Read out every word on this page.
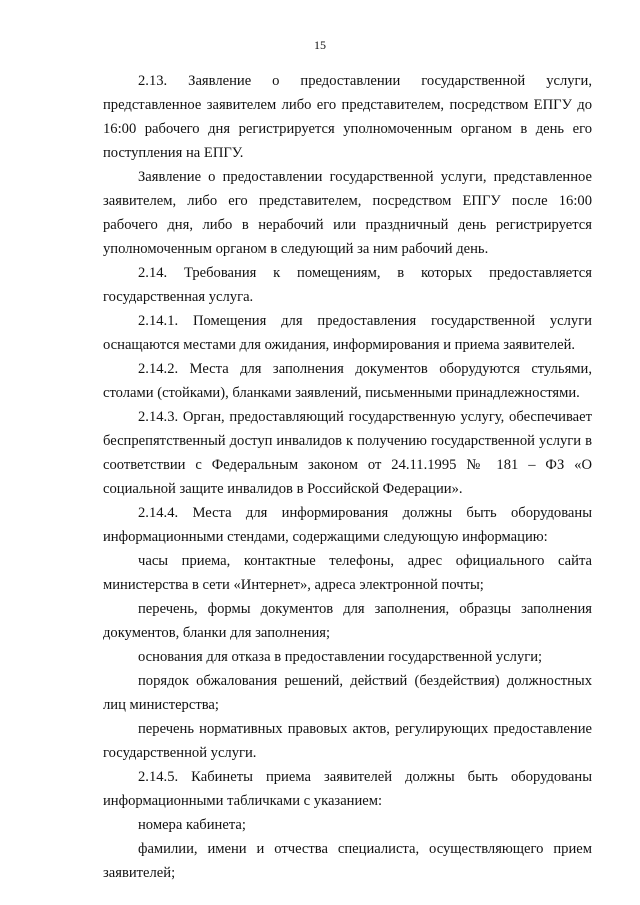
15

2.13. Заявление о предоставлении государственной услуги, представленное заявителем либо его представителем, посредством ЕПГУ до 16:00 рабочего дня регистрируется уполномоченным органом в день его поступления на ЕПГУ.

Заявление о предоставлении государственной услуги, представленное заявителем, либо его представителем, посредством ЕПГУ после 16:00 рабочего дня, либо в нерабочий или праздничный день регистрируется уполномоченным органом в следующий за ним рабочий день.

2.14. Требования к помещениям, в которых предоставляется государственная услуга.

2.14.1. Помещения для предоставления государственной услуги оснащаются местами для ожидания, информирования и приема заявителей.

2.14.2. Места для заполнения документов оборудуются стульями, столами (стойками), бланками заявлений, письменными принадлежностями.

2.14.3. Орган, предоставляющий государственную услугу, обеспечивает беспрепятственный доступ инвалидов к получению государственной услуги в соответствии с Федеральным законом от 24.11.1995 № 181 – ФЗ «О социальной защите инвалидов в Российской Федерации».

2.14.4. Места для информирования должны быть оборудованы информационными стендами, содержащими следующую информацию:

часы приема, контактные телефоны, адрес официального сайта министерства в сети «Интернет», адреса электронной почты;

перечень, формы документов для заполнения, образцы заполнения документов, бланки для заполнения;

основания для отказа в предоставлении государственной услуги;

порядок обжалования решений, действий (бездействия) должностных лиц министерства;

перечень нормативных правовых актов, регулирующих предоставление государственной услуги.

2.14.5. Кабинеты приема заявителей должны быть оборудованы информационными табличками с указанием:

номера кабинета;

фамилии, имени и отчества специалиста, осуществляющего прием заявителей;
